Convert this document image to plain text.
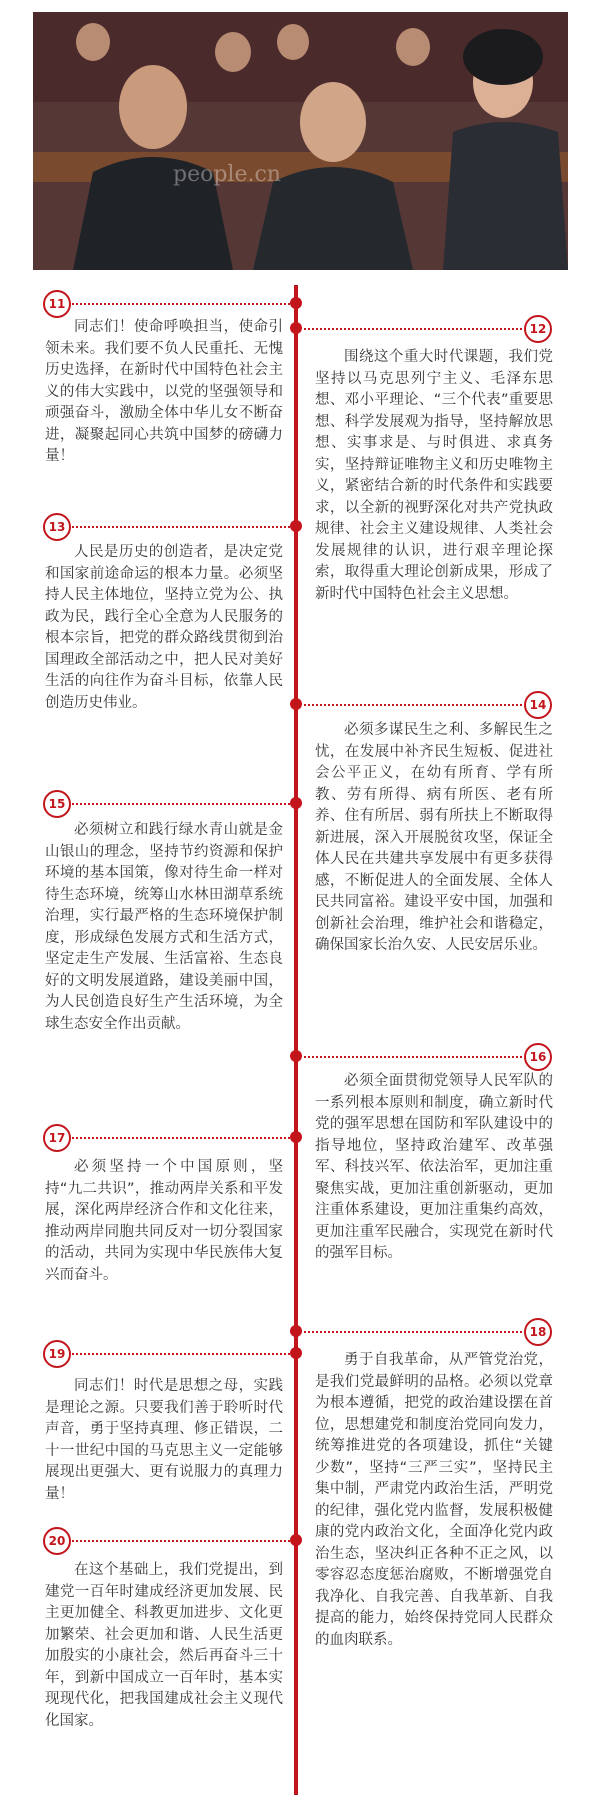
people.cn
11

同志们！使命呼唤担当，使命引领未来。我们要不负人民重托、无愧历史选择，在新时代中国特色社会主义的伟大实践中，以党的坚强领导和顽强奋斗，激励全体中华儿女不断奋进，凝聚起同心共筑中国梦的磅礴力量！

12

围绕这个重大时代课题，我们党坚持以马克思列宁主义、毛泽东思想、邓小平理论、“三个代表”重要思想、科学发展观为指导，坚持解放思想、实事求是、与时俱进、求真务实，坚持辩证唯物主义和历史唯物主义，紧密结合新的时代条件和实践要求，以全新的视野深化对共产党执政规律、社会主义建设规律、人类社会发展规律的认识，进行艰辛理论探索，取得重大理论创新成果，形成了新时代中国特色社会主义思想。

13

人民是历史的创造者，是决定党和国家前途命运的根本力量。必须坚持人民主体地位，坚持立党为公、执政为民，践行全心全意为人民服务的根本宗旨，把党的群众路线贯彻到治国理政全部活动之中，把人民对美好生活的向往作为奋斗目标，依靠人民创造历史伟业。	14

必须多谋民生之利、多解民生之忧，在发展中补齐民生短板、促进社会公平正义，在幼有所育、学有所教、劳有所得、病有所医、老有所养、住有所居、弱有所扶上不断取得新进展，深入开展脱贫攻坚，保证全体人民在共建共享发展中有更多获得感，不断促进人的全面发展、全体人民共同富裕。建设平安中国，加强和创新社会治理，维护社会和谐稳定，确保国家长治久安、人民安居乐业。

15

必须树立和践行绿水青山就是金山银山的理念，坚持节约资源和保护环境的基本国策，像对待生命一样对待生态环境，统筹山水林田湖草系统治理，实行最严格的生态环境保护制度，形成绿色发展方式和生活方式，坚定走生产发展、生活富裕、生态良好的文明发展道路，建设美丽中国，为人民创造良好生产生活环境，为全球生态安全作出贡献。

16

必须全面贯彻党领导人民军队的一系列根本原则和制度，确立新时代党的强军思想在国防和军队建设中的指导地位，坚持政治建军、改革强军、科技兴军、依法治军，更加注重聚焦实战，更加注重创新驱动，更加注重体系建设，更加注重集约高效，更加注重军民融合，实现党在新时代的强军目标。

17

必须坚持一个中国原则，坚持“九二共识”，推动两岸关系和平发展，深化两岸经济合作和文化往来，推动两岸同胞共同反对一切分裂国家的活动，共同为实现中华民族伟大复兴而奋斗。

18

勇于自我革命，从严管党治党，是我们党最鲜明的品格。必须以党章为根本遵循，把党的政治建设摆在首位，思想建党和制度治党同向发力，统筹推进党的各项建设，抓住“关键少数”，坚持“三严三实”，坚持民主集中制，严肃党内政治生活，严明党的纪律，强化党内监督，发展积极健康的党内政治文化，全面净化党内政治生态，坚决纠正各种不正之风，以零容忍态度惩治腐败，不断增强党自我净化、自我完善、自我革新、自我提高的能力，始终保持党同人民群众的血肉联系。

19

同志们！时代是思想之母，实践是理论之源。只要我们善于聆听时代声音，勇于坚持真理、修正错误，二十一世纪中国的马克思主义一定能够展现出更强大、更有说服力的真理力量！

20

在这个基础上，我们党提出，到建党一百年时建成经济更加发展、民主更加健全、科教更加进步、文化更加繁荣、社会更加和谐、人民生活更加殷实的小康社会，然后再奋斗三十年，到新中国成立一百年时，基本实现现代化，把我国建成社会主义现代化国家。
